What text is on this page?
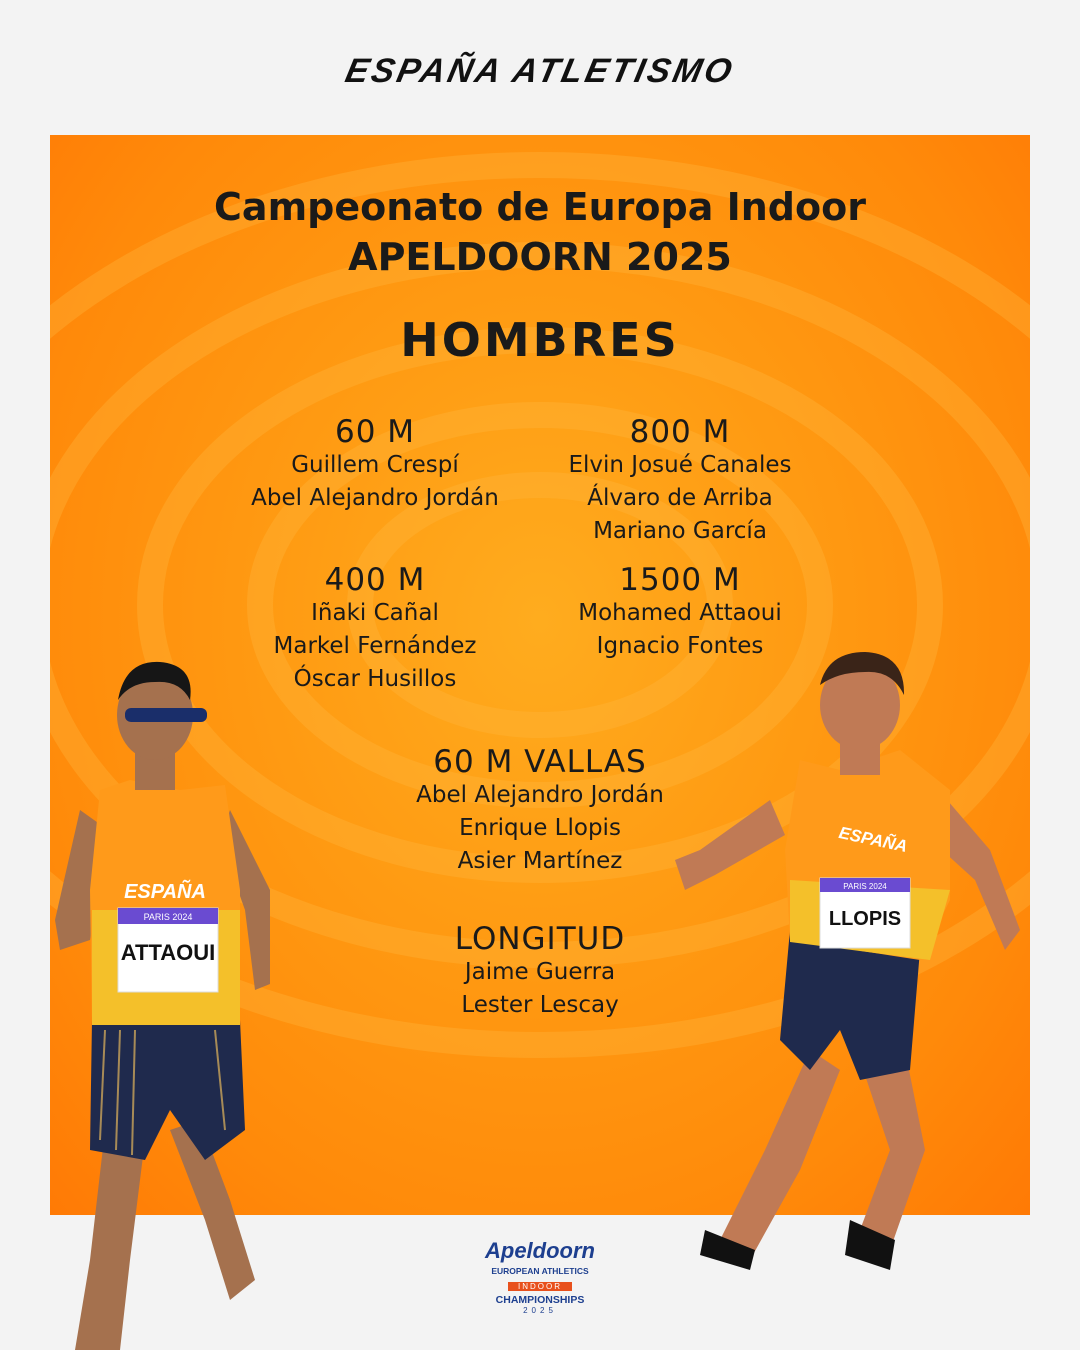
ESPAÑA ATLETISMO
Campeonato de Europa Indoor
APELDOORN 2025
HOMBRES
60 M
Guillem Crespí
Abel Alejandro Jordán
800 M
Elvin Josué Canales
Álvaro de Arriba
Mariano García
400 M
Iñaki Cañal
Markel Fernández
Óscar Husillos
1500 M
Mohamed Attaoui
Ignacio Fontes
60 M VALLAS
Abel Alejandro Jordán
Enrique Llopis
Asier Martínez
LONGITUD
Jaime Guerra
Lester Lescay
ESPAÑA
PARIS 2024
ATTAOUI
ESPAÑA
PARIS 2024
LLOPIS
Apeldoorn
EUROPEAN ATHLETICS
INDOOR
CHAMPIONSHIPS
2025
